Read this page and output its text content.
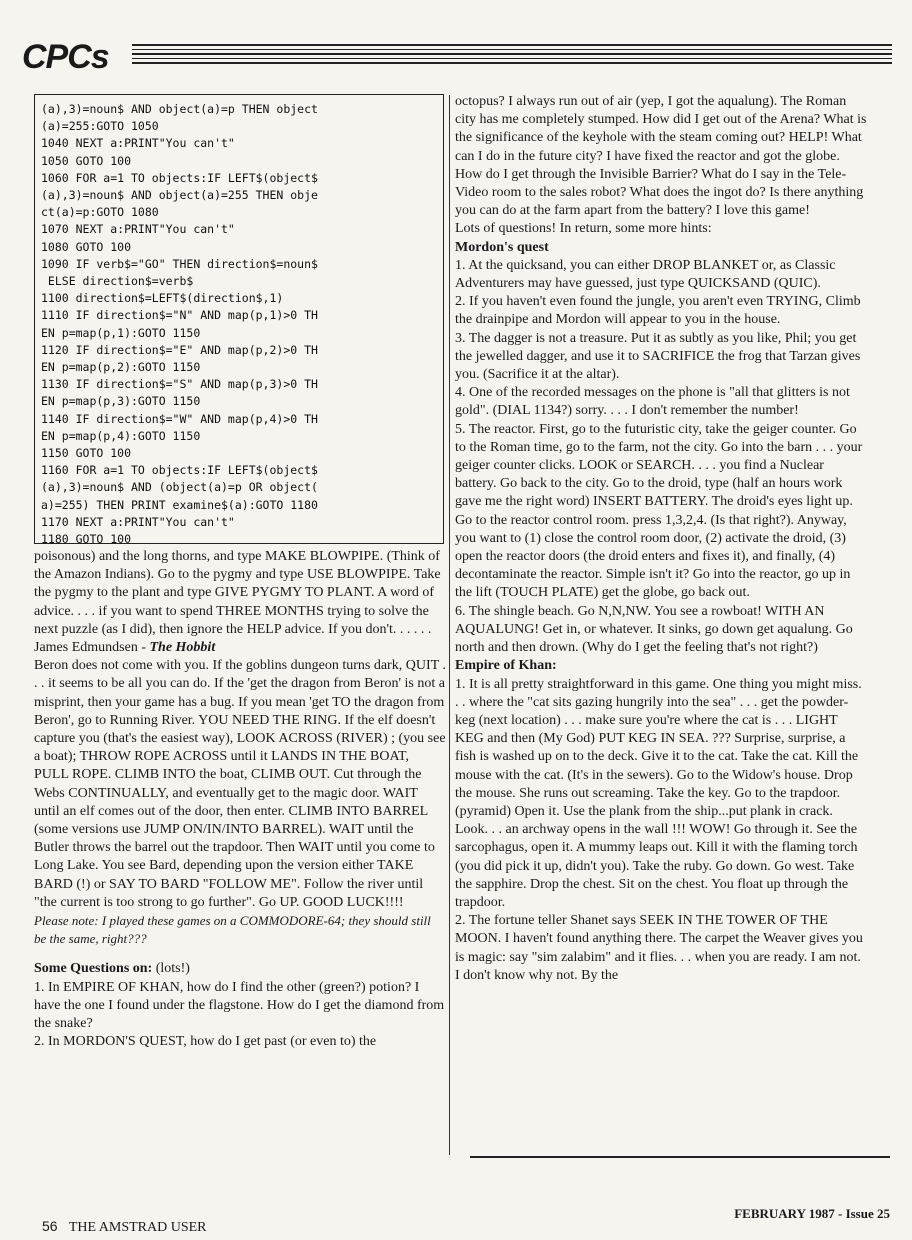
CPCs
(a),3)=noun$ AND object(a)=p THEN object
(a)=255:GOTO 1050
1040 NEXT a:PRINT"You can't"
1050 GOTO 100
1060 FOR a=1 TO objects:IF LEFT$(object$
(a),3)=noun$ AND object(a)=255 THEN obje
ct(a)=p:GOTO 1080
1070 NEXT a:PRINT"You can't"
1080 GOTO 100
1090 IF verb$="GO" THEN direction$=noun$
ELSE direction$=verb$
1100 direction$=LEFT$(direction$,1)
1110 IF direction$="N" AND map(p,1)>0 TH
EN p=map(p,1):GOTO 1150
1120 IF direction$="E" AND map(p,2)>0 TH
EN p=map(p,2):GOTO 1150
1130 IF direction$="S" AND map(p,3)>0 TH
EN p=map(p,3):GOTO 1150
1140 IF direction$="W" AND map(p,4)>0 TH
EN p=map(p,4):GOTO 1150
1150 GOTO 100
1160 FOR a=1 TO objects:IF LEFT$(object$
(a),3)=noun$ AND (object(a)=p OR object(
a)=255) THEN PRINT examine$(a):GOTO 1180
1170 NEXT a:PRINT"You can't"
1180 GOTO 100

poisonous) and the long thorns, and type MAKE BLOWPIPE. (Think of the Amazon Indians). Go to the pygmy and type USE BLOWPIPE. Take the pygmy to the plant and type GIVE PYGMY TO PLANT. A word of advice. . . . if you want to spend THREE MONTHS trying to solve the next puzzle (as I did), then ignore the HELP advice. If you don't. . . . . .

James Edmundsen - The Hobbit

Beron does not come with you. If the goblins dungeon turns dark, QUIT . . . it seems to be all you can do. If the 'get the dragon from Beron' is not a misprint, then your game has a bug. If you mean 'get TO the dragon from Beron', go to Running River. YOU NEED THE RING. If the elf doesn't capture you (that's the easiest way), LOOK ACROSS (RIVER) ; (you see a boat); THROW ROPE ACROSS until it LANDS IN THE BOAT, PULL ROPE. CLIMB INTO the boat, CLIMB OUT. Cut through the Webs CONTINUALLY, and eventually get to the magic door. WAIT until an elf comes out of the door, then enter. CLIMB INTO BARREL (some versions use JUMP ON/IN/INTO BARREL). WAIT until the Butler throws the barrel out the trapdoor. Then WAIT until you come to Long Lake. You see Bard, depending upon the version either TAKE BARD (!) or SAY TO BARD "FOLLOW ME". Follow the river until "the current is too strong to go further". Go UP. GOOD LUCK!!!!

Please note: I played these games on a COMMODORE-64; they should still be the same, right???

Some Questions on: (lots!)

1. In EMPIRE OF KHAN, how do I find the other (green?) potion? I have the one I found under the flagstone. How do I get the diamond from the snake?

2. In MORDON'S QUEST, how do I get past (or even to) the

octopus? I always run out of air (yep, I got the aqualung). The Roman city has me completely stumped. How did I get out of the Arena? What is the significance of the keyhole with the steam coming out? HELP! What can I do in the future city? I have fixed the reactor and got the globe. How do I get through the Invisible Barrier? What do I say in the Tele-Video room to the sales robot? What does the ingot do? Is there anything you can do at the farm apart from the battery? I love this game!

Lots of questions! In return, some more hints:

Mordon's quest

1. At the quicksand, you can either DROP BLANKET or, as Classic Adventurers may have guessed, just type QUICKSAND (QUIC).

2. If you haven't even found the jungle, you aren't even TRYING, Climb the drainpipe and Mordon will appear to you in the house.

3. The dagger is not a treasure. Put it as subtly as you like, Phil; you get the jewelled dagger, and use it to SACRIFICE the frog that Tarzan gives you. (Sacrifice it at the altar).

4. One of the recorded messages on the phone is "all that glitters is not gold". (DIAL 1134?) sorry. . . . I don't remember the number!

5. The reactor. First, go to the futuristic city, take the geiger counter. Go to the Roman time, go to the farm, not the city. Go into the barn . . . your geiger counter clicks. LOOK or SEARCH. . . . you find a Nuclear battery. Go back to the city. Go to the droid, type (half an hours work gave me the right word) INSERT BATTERY. The droid's eyes light up. Go to the reactor control room. press 1,3,2,4. (Is that right?). Anyway, you want to (1) close the control room door, (2) activate the droid, (3) open the reactor doors (the droid enters and fixes it), and finally, (4) decontaminate the reactor. Simple isn't it? Go into the reactor, go up in the lift (TOUCH PLATE) get the globe, go back out.

6. The shingle beach. Go N,N,NW. You see a rowboat! WITH AN AQUALUNG! Get in, or whatever. It sinks, go down get aqualung. Go north and then drown. (Why do I get the feeling that's not right?)

Empire of Khan:

1. It is all pretty straightforward in this game. One thing you might miss. . . where the "cat sits gazing hungrily into the sea" . . . get the powder-keg (next location) . . . make sure you're where the cat is . . . LIGHT KEG and then (My God) PUT KEG IN SEA. ??? Surprise, surprise, a fish is washed up on to the deck. Give it to the cat. Take the cat. Kill the mouse with the cat. (It's in the sewers). Go to the Widow's house. Drop the mouse. She runs out screaming. Take the key. Go to the trapdoor. (pyramid) Open it. Use the plank from the ship...put plank in crack. Look. . . an archway opens in the wall !!! WOW! Go through it. See the sarcophagus, open it. A mummy leaps out. Kill it with the flaming torch (you did pick it up, didn't you). Take the ruby. Go down. Go west. Take the sapphire. Drop the chest. Sit on the chest. You float up through the trapdoor.

2. The fortune teller Shanet says SEEK IN THE TOWER OF THE MOON. I haven't found anything there. The carpet the Weaver gives you is magic: say "sim zalabim" and it flies. . . when you are ready. I am not. I don't know why not. By the

56 THE AMSTRAD USER
FEBRUARY 1987 - Issue 25
